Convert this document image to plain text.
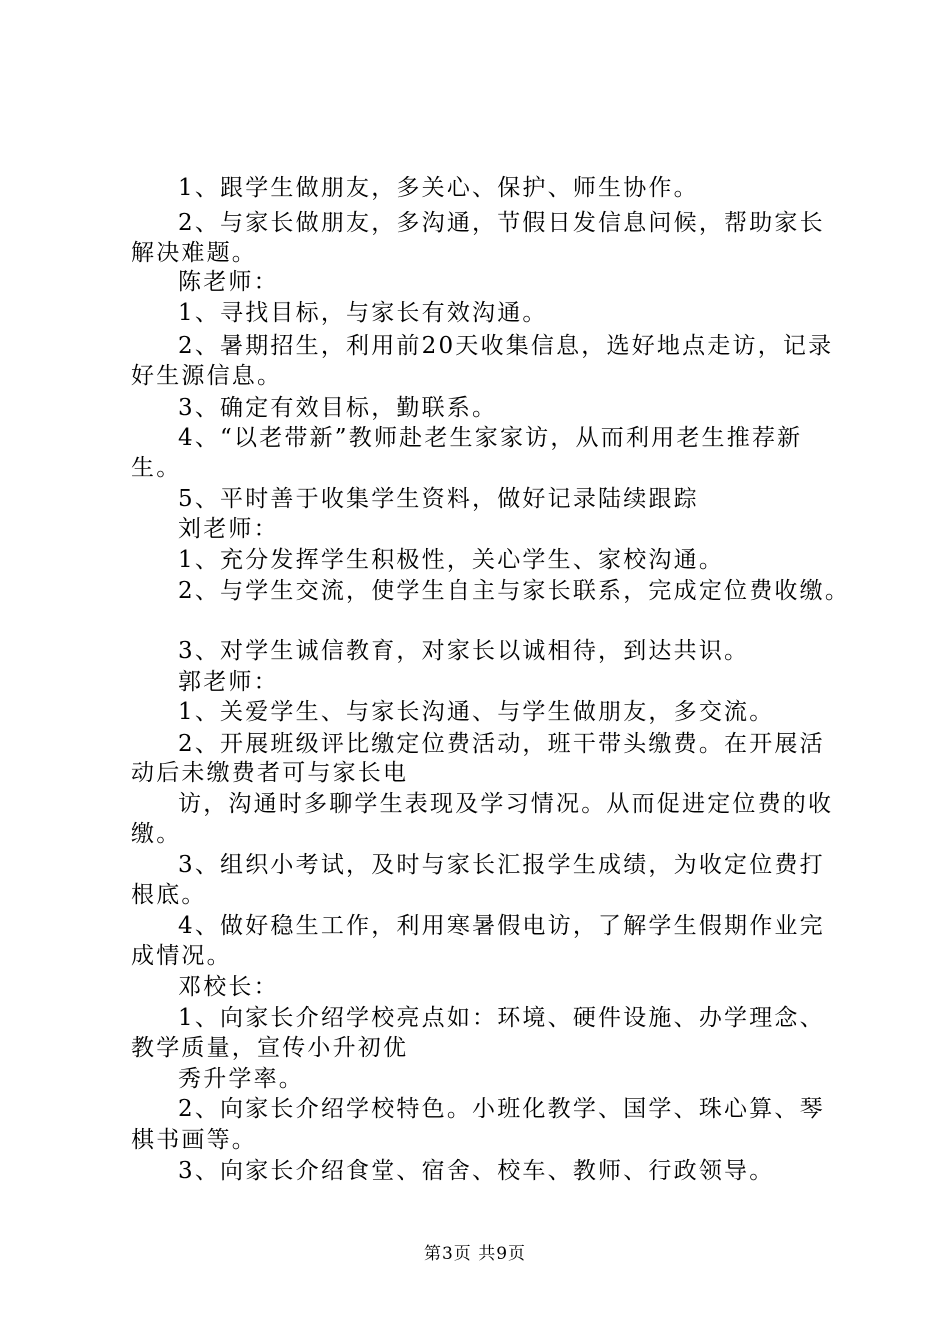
1、跟学生做朋友，多关心、保护、师生协作。
2、与家长做朋友，多沟通，节假日发信息问候，帮助家长
解决难题。
陈老师：
1、寻找目标，与家长有效沟通。
2、暑期招生，利用前20天收集信息，选好地点走访，记录
好生源信息。
3、确定有效目标，勤联系。
4、“以老带新”教师赴老生家家访，从而利用老生推荐新
生。
5、平时善于收集学生资料，做好记录陆续跟踪
刘老师：
1、充分发挥学生积极性，关心学生、家校沟通。
2、与学生交流，使学生自主与家长联系，完成定位费收缴。
3、对学生诚信教育，对家长以诚相待，到达共识。
郭老师：
1、关爱学生、与家长沟通、与学生做朋友，多交流。
2、开展班级评比缴定位费活动，班干带头缴费。在开展活
动后未缴费者可与家长电
访，沟通时多聊学生表现及学习情况。从而促进定位费的收
缴。
3、组织小考试，及时与家长汇报学生成绩，为收定位费打
根底。
4、做好稳生工作，利用寒暑假电访，了解学生假期作业完
成情况。
邓校长：
1、向家长介绍学校亮点如：环境、硬件设施、办学理念、
教学质量，宣传小升初优
秀升学率。
2、向家长介绍学校特色。小班化教学、国学、珠心算、琴
棋书画等。
3、向家长介绍食堂、宿舍、校车、教师、行政领导。
第3页 共9页
